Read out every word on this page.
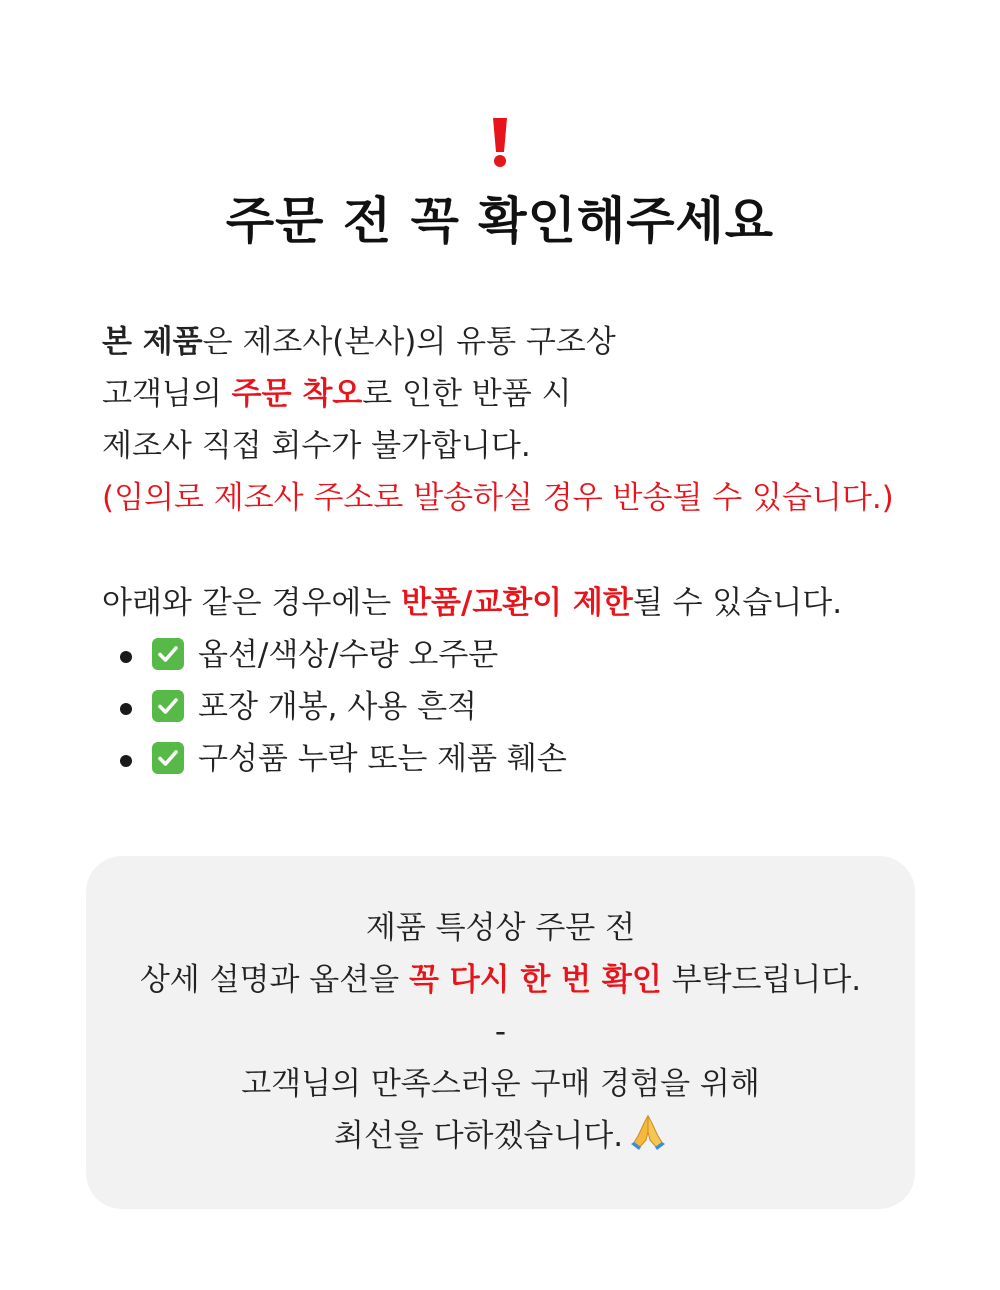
주문 전 꼭 확인해주세요

본 제품은 제조사(본사)의 유통 구조상

고객님의 주문 착오로 인한 반품 시

제조사 직접 회수가 불가합니다.

(임의로 제조사 주소로 발송하실 경우 반송될 수 있습니다.)

아래와 같은 경우에는 반품/교환이 제한될 수 있습니다.

옵션/색상/수량 오주문
포장 개봉, 사용 흔적
구성품 누락 또는 제품 훼손

제품 특성상 주문 전

상세 설명과 옵션을 꼭 다시 한 번 확인 부탁드립니다.

-

고객님의 만족스러운 구매 경험을 위해

최선을 다하겠습니다.
